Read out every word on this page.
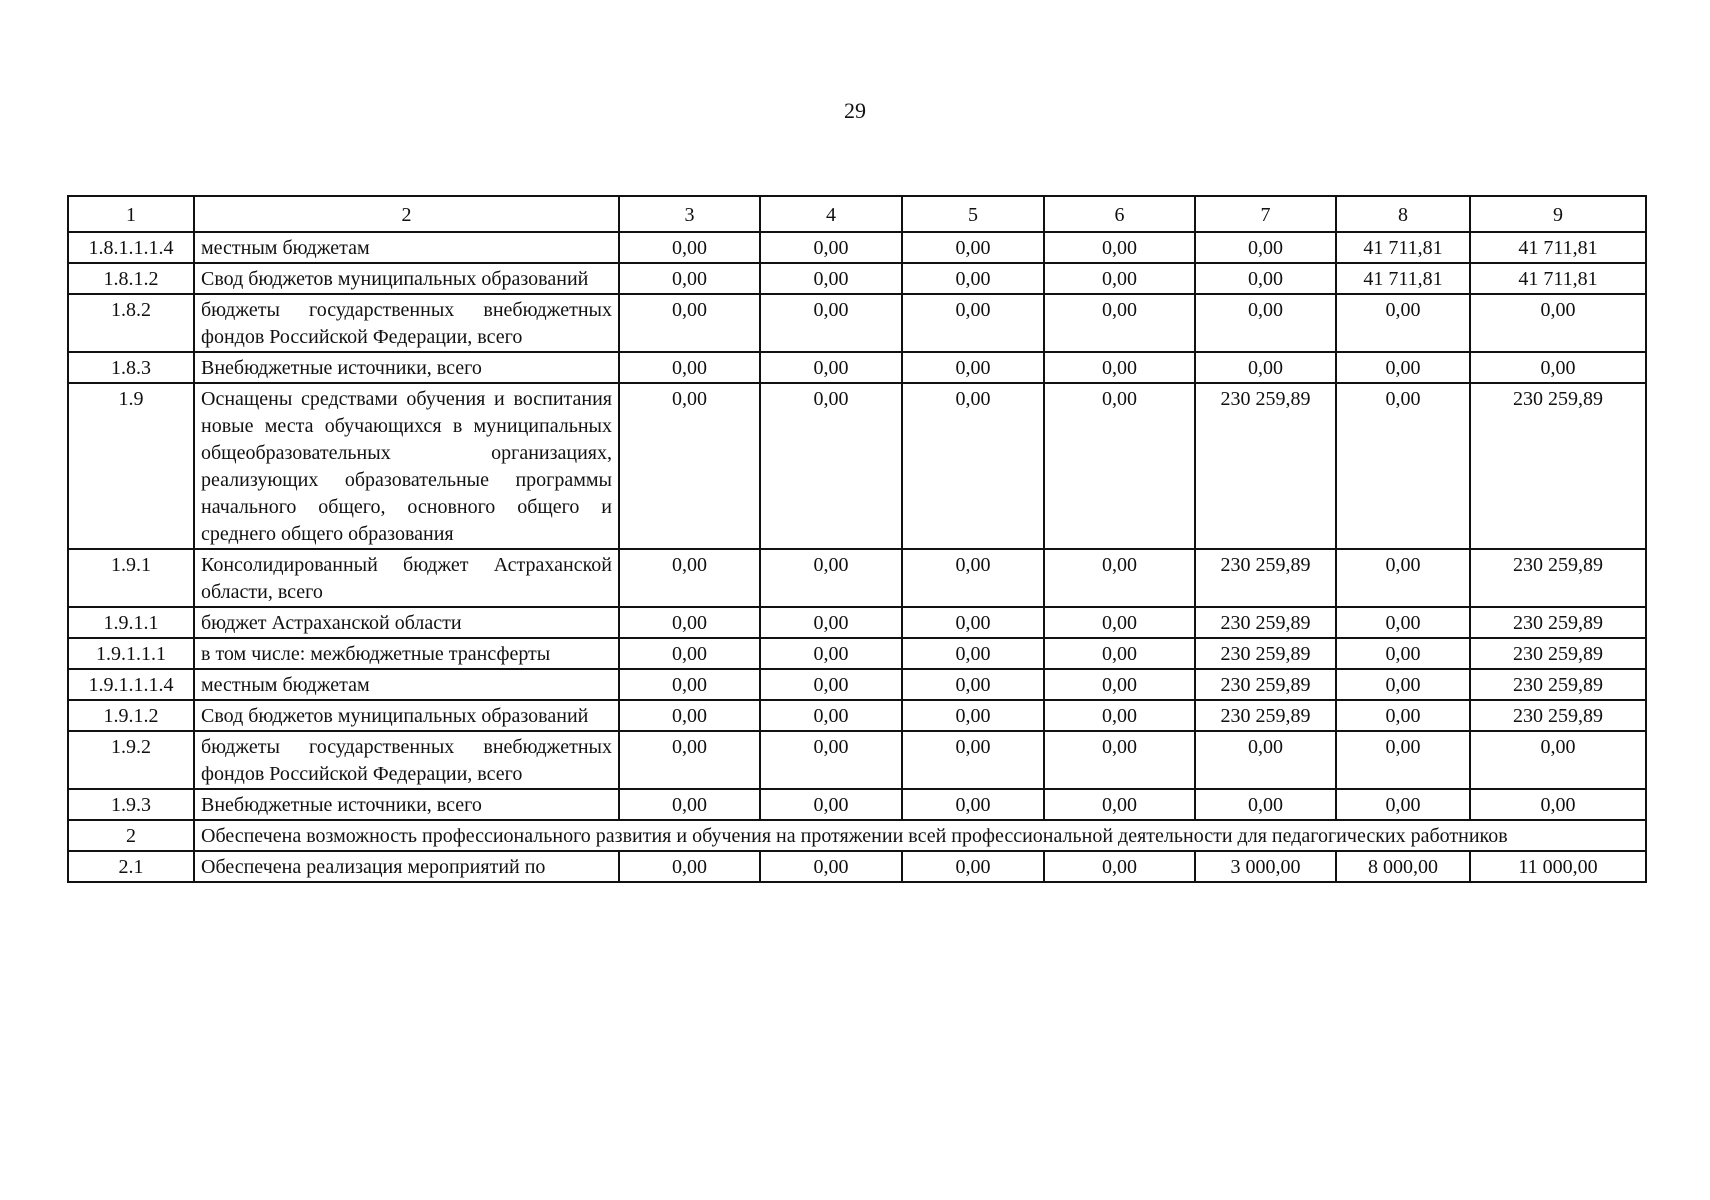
29
1	2	3	4	5	6	7	8	9
1.8.1.1.1.4	местным бюджетам	0,00	0,00	0,00	0,00	0,00	41 711,81	41 711,81
1.8.1.2	Свод бюджетов муниципальных образований	0,00	0,00	0,00	0,00	0,00	41 711,81	41 711,81
1.8.2	бюджеты государственных внебюджетных фондов Российской Федерации, всего	0,00	0,00	0,00	0,00	0,00	0,00	0,00
1.8.3	Внебюджетные источники, всего	0,00	0,00	0,00	0,00	0,00	0,00	0,00
1.9	Оснащены средствами обучения и воспитания новые места обучающихся в муниципальных общеобразовательных организациях, реализующих образовательные программы начального общего, основного общего и среднего общего образования	0,00	0,00	0,00	0,00	230 259,89	0,00	230 259,89
1.9.1	Консолидированный бюджет Астраханской области, всего	0,00	0,00	0,00	0,00	230 259,89	0,00	230 259,89
1.9.1.1	бюджет Астраханской области	0,00	0,00	0,00	0,00	230 259,89	0,00	230 259,89
1.9.1.1.1	в том числе: межбюджетные трансферты	0,00	0,00	0,00	0,00	230 259,89	0,00	230 259,89
1.9.1.1.1.4	местным бюджетам	0,00	0,00	0,00	0,00	230 259,89	0,00	230 259,89
1.9.1.2	Свод бюджетов муниципальных образований	0,00	0,00	0,00	0,00	230 259,89	0,00	230 259,89
1.9.2	бюджеты государственных внебюджетных фондов Российской Федерации, всего	0,00	0,00	0,00	0,00	0,00	0,00	0,00
1.9.3	Внебюджетные источники, всего	0,00	0,00	0,00	0,00	0,00	0,00	0,00
2	Обеспечена возможность профессионального развития и обучения на протяжении всей профессиональной деятельности для педагогических работников							
2.1	Обеспечена реализация мероприятий по	0,00	0,00	0,00	0,00	3 000,00	8 000,00	11 000,00
